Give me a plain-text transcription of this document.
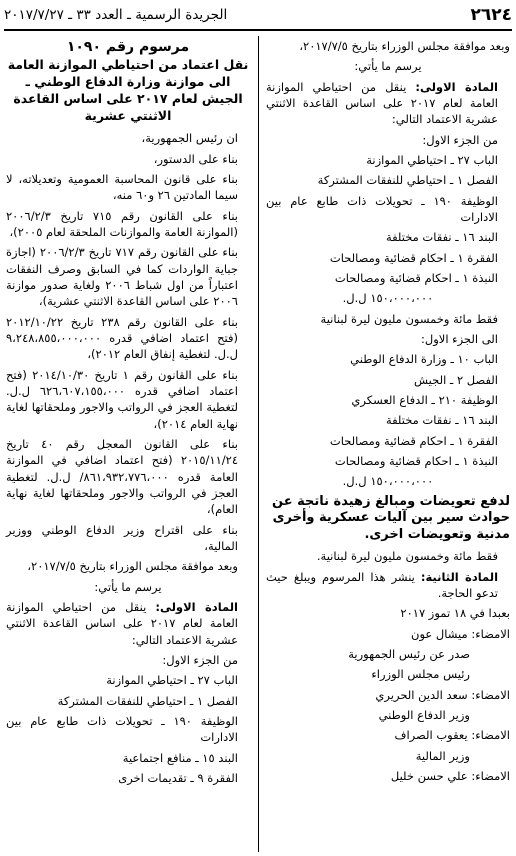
٢٦٢٤
الجريدة الرسمية ـ العدد ٣٣ ـ ٢٠١٧/٧/٢٧
وبعد موافقة مجلس الوزراء بتاريخ ٢٠١٧/٧/٥،
يرسم ما يأتي:
المادة الاولى: ينقل من احتياطي الموازنة العامة لعام ٢٠١٧ على اساس القاعدة الاثنتي عشرية الاعتماد التالي:
من الجزء الاول:
الباب ٢٧ ـ احتياطي الموازنة
الفصل ١ ـ احتياطي للنفقات المشتركة
الوظيفة ١٩٠ ـ تحويلات ذات طابع عام بين الادارات
البند ١٦ ـ نفقات مختلفة
الفقرة ١ ـ احكام قضائية ومصالحات
النبذة ١ ـ احكام قضائية ومصالحات
١٥٠،٠٠٠،٠٠٠ ل.ل.
فقط مائة وخمسون مليون ليرة لبنانية
الى الجزء الاول:
الباب ١٠ ـ وزارة الدفاع الوطني
الفصل ٢ ـ الجيش
الوظيفة ٢١٠ ـ الدفاع العسكري
البند ١٦ ـ نفقات مختلفة
الفقرة ١ ـ احكام قضائية ومصالحات
النبذة ١ ـ احكام قضائية ومصالحات
١٥٠،٠٠٠،٠٠٠ ل.ل.
لدفع تعويضات ومبالغ زهيدة ناتجة عن حوادث سير بين آليات عسكرية وأخرى مدنية وتعويضات اخرى.
فقط مائة وخمسون مليون ليرة لبنانية.
المادة الثانية: ينشر هذا المرسوم ويبلغ حيث تدعو الحاجة.
بعبدا في ١٨ تموز ٢٠١٧
الامضاء: ميشال عون
صدر عن رئيس الجمهورية
رئيس مجلس الوزراء
الامضاء: سعد الدين الحريري
وزير الدفاع الوطني
الامضاء: يعقوب الصراف
وزير المالية
الامضاء: علي حسن خليل
مرسوم رقم ١٠٩٠
نقل اعتماد من احتياطي الموازنة العامة الى موازنة وزارة الدفاع الوطني ـ الجيش لعام ٢٠١٧ على اساس القاعدة الاثنتي عشرية
ان رئيس الجمهورية،
بناء على الدستور،
بناء على قانون المحاسبة العمومية وتعديلاته، لا سيما المادتين ٢٦ و٦٠ منه،
بناء على القانون رقم ٧١٥ تاريخ ٢٠٠٦/٢/٣ (الموازنة العامة والموازنات الملحقة لعام ٢٠٠٥)،
بناء على القانون رقم ٧١٧ تاريخ ٢٠٠٦/٢/٣ (اجازة جباية الواردات كما في السابق وصرف النفقات اعتباراً من اول شباط ٢٠٠٦ ولغاية صدور موازنة ٢٠٠٦ على اساس القاعدة الاثنتي عشرية)،
بناء على القانون رقم ٢٣٨ تاريخ ٢٠١٢/١٠/٢٢ (فتح اعتماد اضافي قدره ٩،٢٤٨،٨٥٥،٠٠٠،٠٠٠ ل.ل. لتغطية إنفاق العام ٢٠١٢)،
بناء على القانون رقم ١ تاريخ ٢٠١٤/١٠/٣٠ (فتح اعتماد اضافي قدره ٦٢٦،٦٠٧،١٥٥،٠٠٠ ل.ل. لتغطية العجز في الرواتب والاجور وملحقاتها لغاية نهاية العام ٢٠١٤)،
بناء على القانون المعجل رقم ٤٠ تاريخ ٢٠١٥/١١/٢٤ (فتح اعتماد اضافي في الموازنة العامة قدره ٨٦١،٩٣٢،٧٧٦،٠٠٠/ ل.ل. لتغطية العجز في الرواتب والاجور وملحقاتها لغاية نهاية العام)،
بناء على اقتراح وزير الدفاع الوطني ووزير المالية،
وبعد موافقة مجلس الوزراء بتاريخ ٢٠١٧/٧/٥،
يرسم ما يأتي:
المادة الاولى: ينقل من احتياطي الموازنة العامة لعام ٢٠١٧ على اساس القاعدة الاثنتي عشرية الاعتماد التالي:
من الجزء الاول:
الباب ٢٧ ـ احتياطي الموازنة
الفصل ١ ـ احتياطي للنفقات المشتركة
الوظيفة ١٩٠ ـ تحويلات ذات طابع عام بين الادارات
البند ١٥ ـ منافع اجتماعية
الفقرة ٩ ـ تقديمات اخرى
